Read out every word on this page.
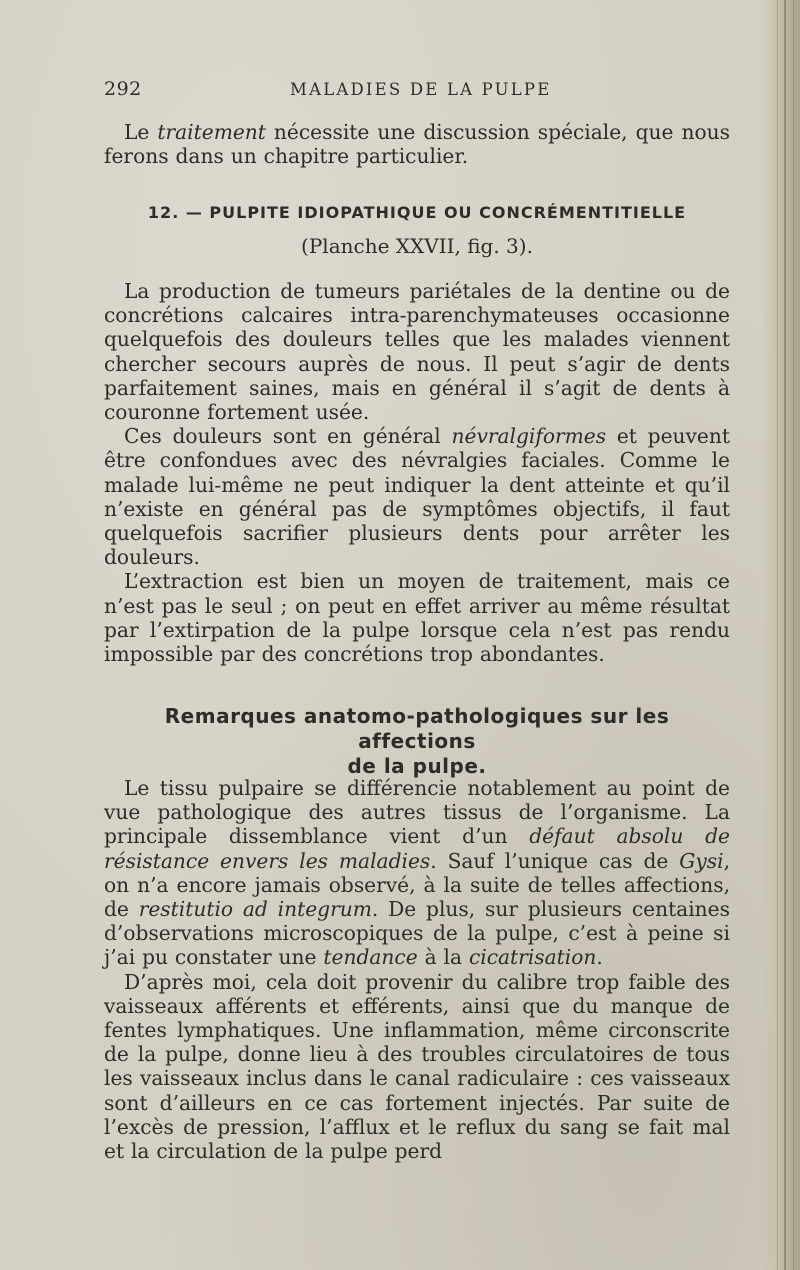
292	MALADIES DE LA PULPE

Le traitement nécessite une discussion spéciale, que nous ferons dans un chapitre particulier.

12. — PULPITE IDIOPATHIQUE OU CONCRÉMENTITIELLE
(Planche XXVII, fig. 3).

La production de tumeurs pariétales de la dentine ou de concrétions calcaires intra-parenchymateuses occasionne quelquefois des douleurs telles que les malades viennent chercher secours auprès de nous. Il peut s’agir de dents parfaitement saines, mais en général il s’agit de dents à couronne fortement usée.

Ces douleurs sont en général névralgiformes et peuvent être confondues avec des névralgies faciales. Comme le malade lui-même ne peut indiquer la dent atteinte et qu’il n’existe en général pas de symptômes objectifs, il faut quelquefois sacrifier plusieurs dents pour arrêter les douleurs.

L’extraction est bien un moyen de traitement, mais ce n’est pas le seul ; on peut en effet arriver au même résultat par l’extirpation de la pulpe lorsque cela n’est pas rendu impossible par des concrétions trop abondantes.

Remarques anatomo-pathologiques sur les affections
de la pulpe.

Le tissu pulpaire se différencie notablement au point de vue pathologique des autres tissus de l’organisme. La principale dissemblance vient d’un défaut absolu de résistance envers les maladies. Sauf l’unique cas de Gysi, on n’a encore jamais observé, à la suite de telles affections, de restitutio ad integrum. De plus, sur plusieurs centaines d’observations microscopiques de la pulpe, c’est à peine si j’ai pu constater une tendance à la cicatrisation.

D’après moi, cela doit provenir du calibre trop faible des vaisseaux afférents et efférents, ainsi que du manque de fentes lymphatiques. Une inflammation, même circonscrite de la pulpe, donne lieu à des troubles circulatoires de tous les vaisseaux inclus dans le canal radiculaire : ces vaisseaux sont d’ailleurs en ce cas fortement injectés. Par suite de l’excès de pression, l’afflux et le reflux du sang se fait mal et la circulation de la pulpe perd
